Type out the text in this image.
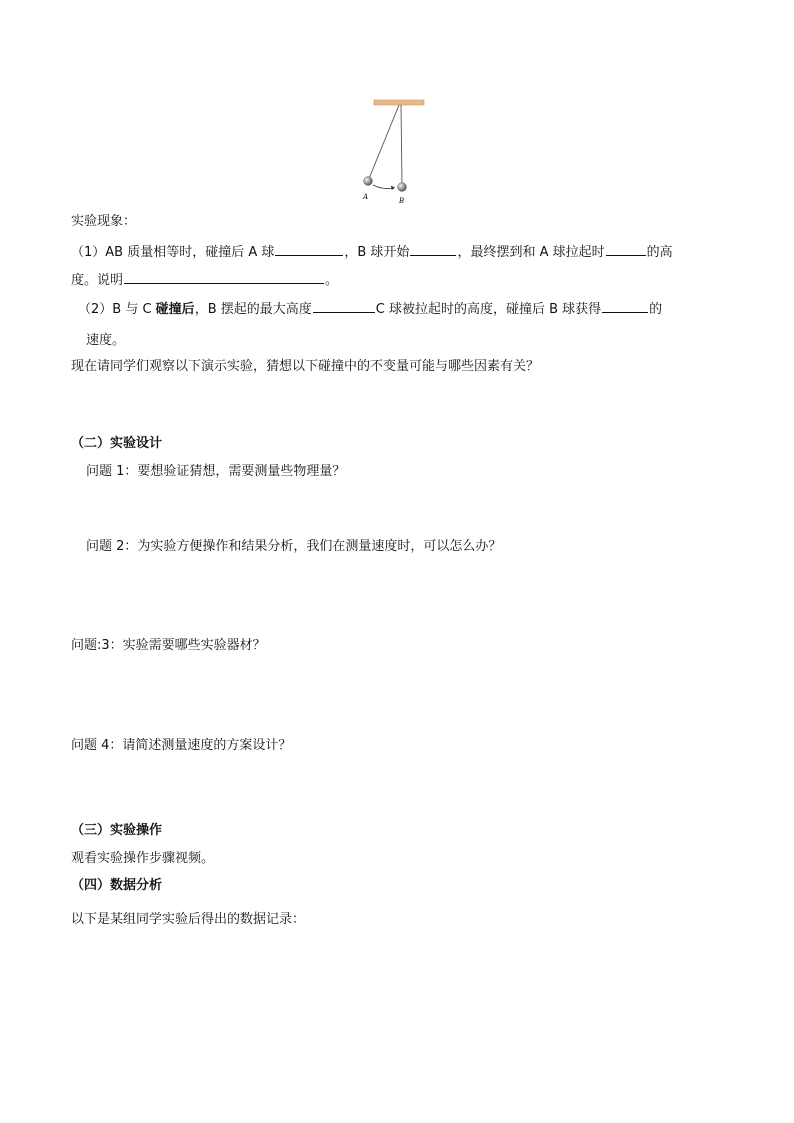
A	B
实验现象：
（1）AB 质量相等时，碰撞后 A 球	，B 球开始	，最终摆到和 A 球拉起时	的高
度。说明	。
（2）B 与 C 碰撞后，B 摆起的最大高度	C 球被拉起时的高度，碰撞后 B 球获得	的
速度。
现在请同学们观察以下演示实验，猜想以下碰撞中的不变量可能与哪些因素有关？
（二）实验设计
问题 1：要想验证猜想，需要测量些物理量？
问题 2：为实验方便操作和结果分析，我们在测量速度时，可以怎么办？
问题:3：实验需要哪些实验器材？
问题 4：请简述测量速度的方案设计？
（三）实验操作
观看实验操作步骤视频。
（四）数据分析
以下是某组同学实验后得出的数据记录：
